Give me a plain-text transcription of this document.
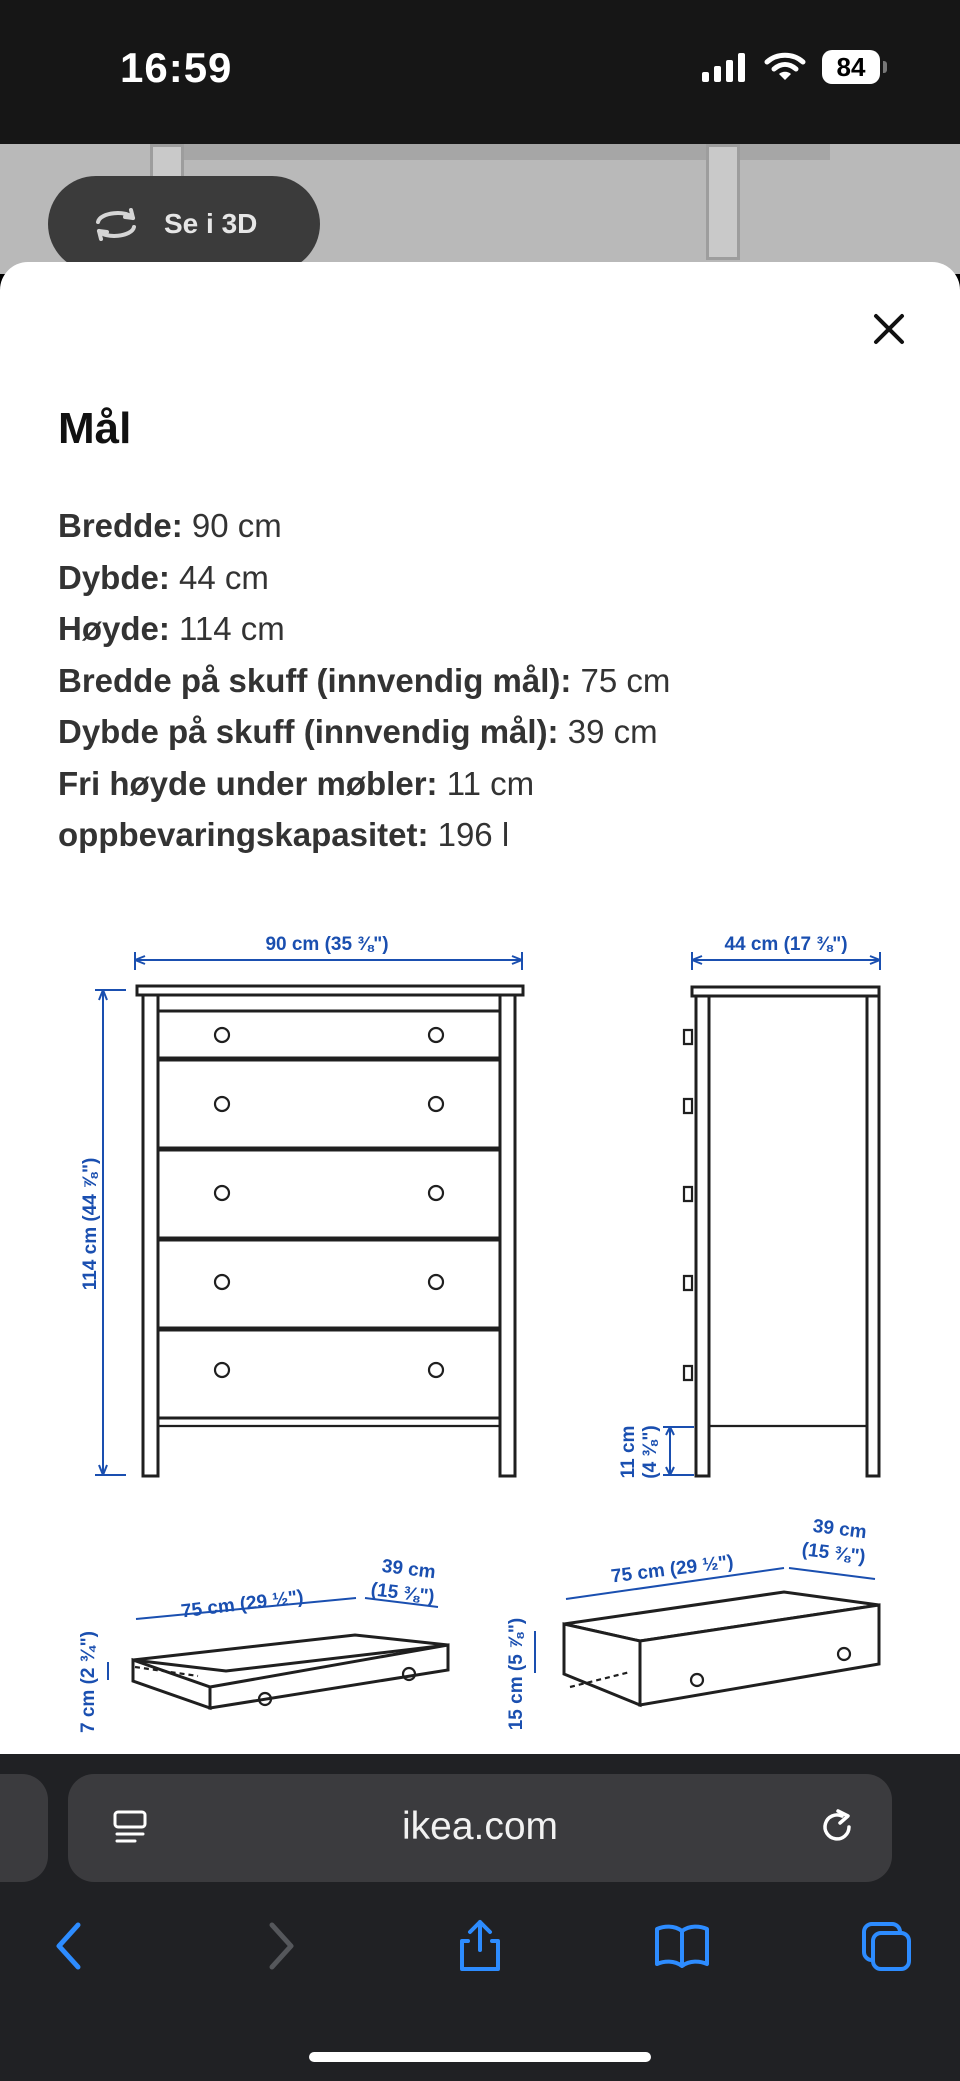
16:59	84
Se i 3D
Mål
Bredde: 90 cm
Dybde: 44 cm
Høyde: 114 cm
Bredde på skuff (innvendig mål): 75 cm
Dybde på skuff (innvendig mål): 39 cm
Fri høyde under møbler: 11 cm
oppbevaringskapasitet: 196 l
90 cm (35 ⅜")
114 cm (44 ⅞")
44 cm (17 ⅜")
11 cm (4 ⅜")
75 cm (29 ½")
39 cm
(15 ⅜")
7 cm (2 ¾")
75 cm (29 ½")
39 cm
(15 ⅜")
15 cm (5 ⅞")
ikea.com
